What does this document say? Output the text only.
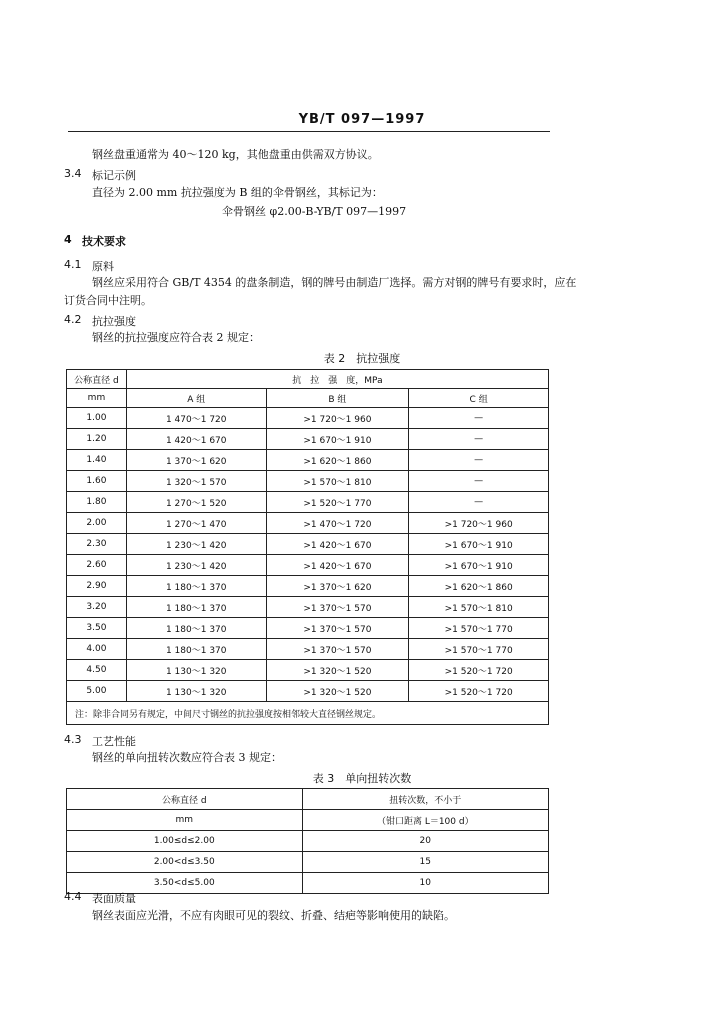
YB/T 097—1997
钢丝盘重通常为 40～120 kg，其他盘重由供需双方协议。
3.4 标记示例
直径为 2.00 mm 抗拉强度为 B 组的伞骨钢丝，其标记为：
伞骨钢丝 φ2.00-B-YB/T 097—1997
4 技术要求
4.1 原料
钢丝应采用符合 GB/T 4354 的盘条制造，钢的牌号由制造厂选择。需方对钢的牌号有要求时，应在
订货合同中注明。
4.2 抗拉强度
钢丝的抗拉强度应符合表 2 规定：
表 2　抗拉强度
公称直径 d	抗　拉　强　度，MPa		
mm	A 组	B 组	C 组
1.00	1 470～1 720	>1 720～1 960	—
1.20	1 420～1 670	>1 670～1 910	—
1.40	1 370～1 620	>1 620～1 860	—
1.60	1 320～1 570	>1 570～1 810	—
1.80	1 270～1 520	>1 520～1 770	—
2.00	1 270～1 470	>1 470～1 720	>1 720～1 960
2.30	1 230～1 420	>1 420～1 670	>1 670～1 910
2.60	1 230～1 420	>1 420～1 670	>1 670～1 910
2.90	1 180～1 370	>1 370～1 620	>1 620～1 860
3.20	1 180～1 370	>1 370～1 570	>1 570～1 810
3.50	1 180～1 370	>1 370～1 570	>1 570～1 770
4.00	1 180～1 370	>1 370～1 570	>1 570～1 770
4.50	1 130～1 320	>1 320～1 520	>1 520～1 720
5.00	1 130～1 320	>1 320～1 520	>1 520～1 720
注：除非合同另有规定，中间尺寸钢丝的抗拉强度按相邻较大直径钢丝规定。			
4.3 工艺性能
钢丝的单向扭转次数应符合表 3 规定：
表 3　单向扭转次数
公称直径 d	扭转次数，不小于
mm	（钳口距离 L＝100 d）
1.00≤d≤2.00	20
2.00<d≤3.50	15
3.50<d≤5.00	10
4.4 表面质量
钢丝表面应光滑，不应有肉眼可见的裂纹、折叠、结疤等影响使用的缺陷。
